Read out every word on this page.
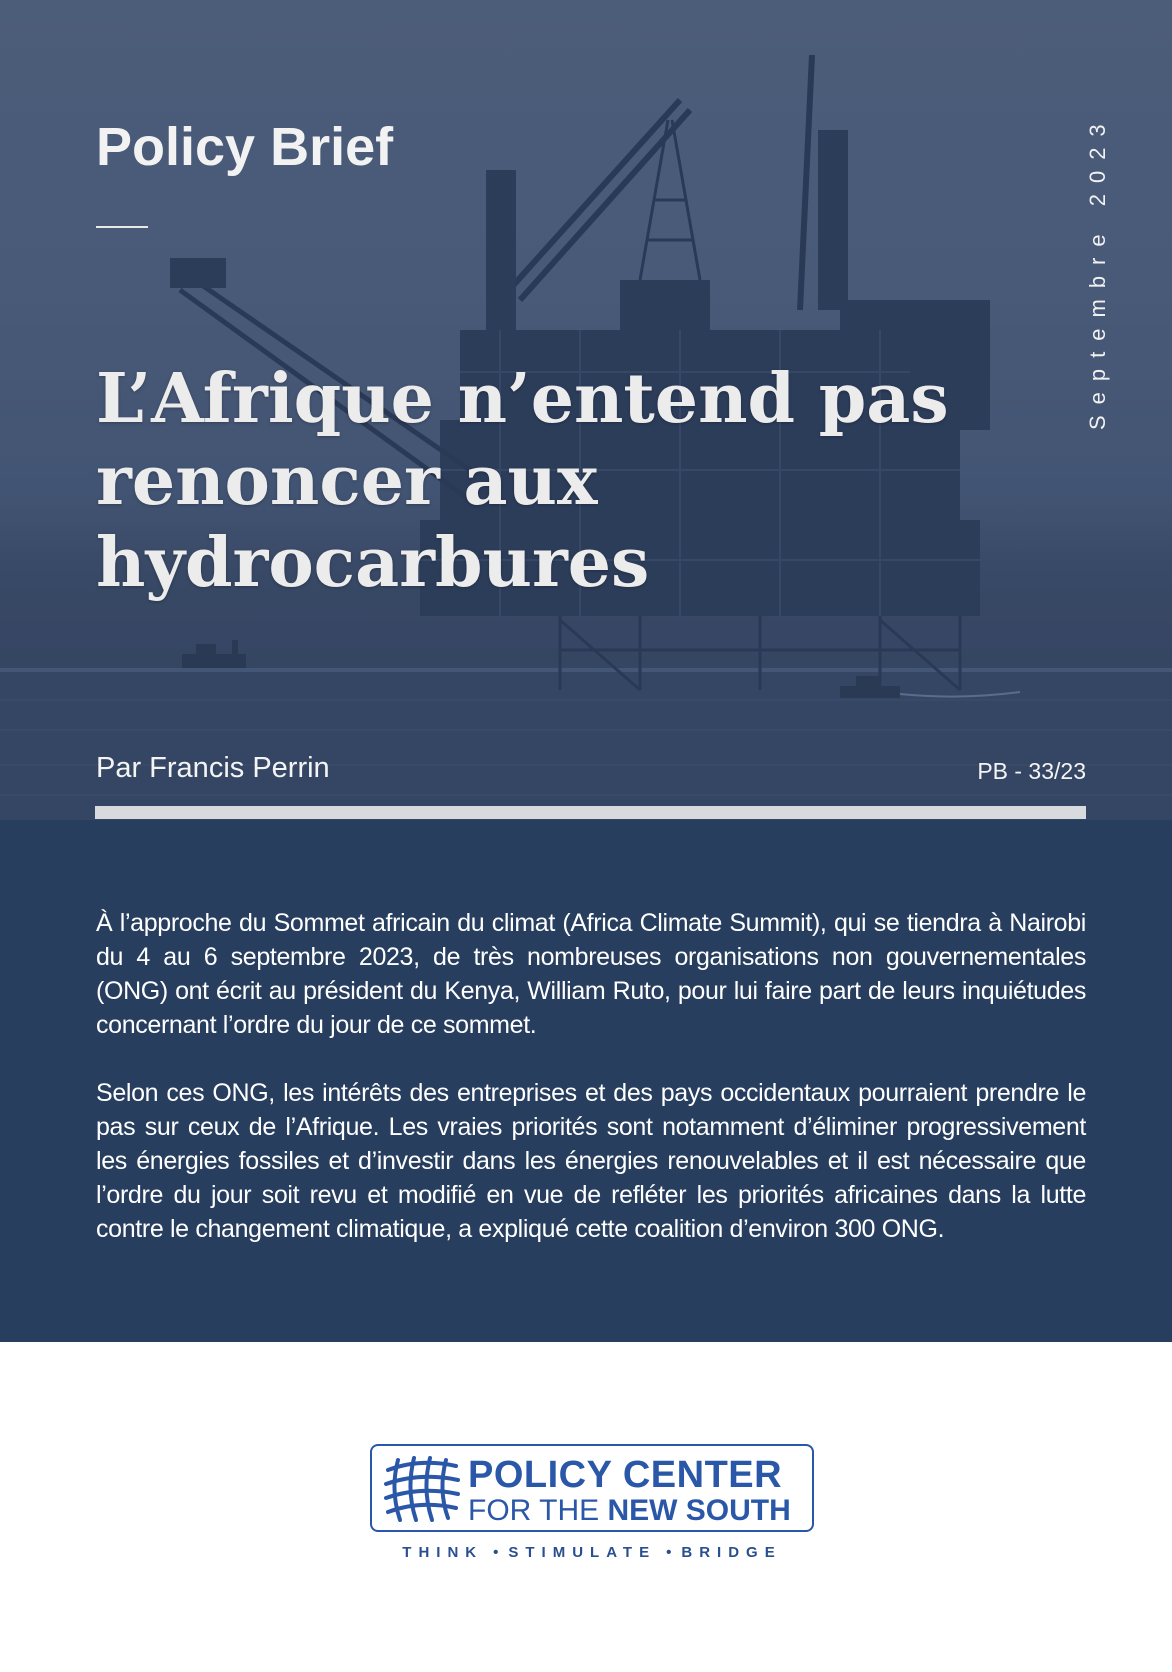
Policy Brief
L’Afrique n’entend pas
renoncer aux hydrocarbures
Septembre 2023

Par Francis Perrin	PB - 33/23

À l’approche du Sommet africain du climat (Africa Climate Summit), qui se tiendra à Nairobi du 4 au 6 septembre 2023, de très nombreuses organisations non gouvernementales (ONG) ont écrit au président du Kenya, William Ruto, pour lui faire part de leurs inquiétudes concernant l’ordre du jour de ce sommet.

Selon ces ONG, les intérêts des entreprises et des pays occidentaux pourraient prendre le pas sur ceux de l’Afrique. Les vraies priorités sont notamment d’éliminer progressivement les énergies fossiles et d’investir dans les énergies renouvelables et il est nécessaire que l’ordre du jour soit revu et modifié en vue de refléter les priorités africaines dans la lutte contre le changement climatique, a expliqué cette coalition d’environ 300 ONG.

POLICY CENTER
FOR THE NEW SOUTH
THINK • STIMULATE • BRIDGE
